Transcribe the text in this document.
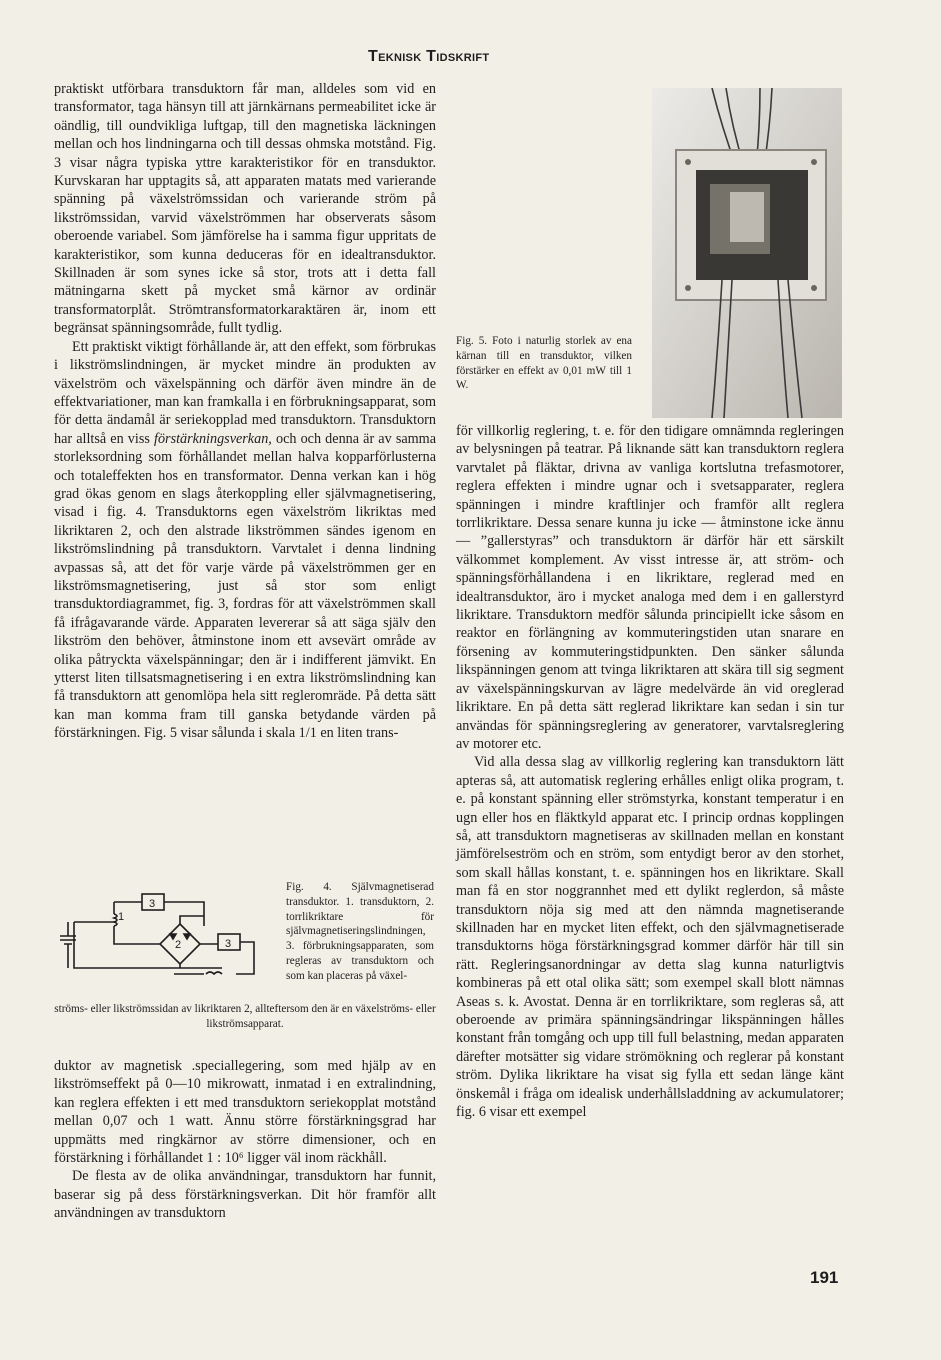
Teknisk Tidskrift

praktiskt utförbara transduktorn får man, alldeles som vid en transformator, taga hänsyn till att järnkärnans permeabilitet icke är oändlig, till oundvikliga luftgap, till den magnetiska läckningen mellan och hos lindningarna och till dessas ohmska motstånd. Fig. 3 visar några typiska yttre karakteristikor för en transduktor. Kurvskaran har upptagits så, att apparaten matats med varierande spänning på växelströmssidan och varierande ström på likströmssidan, varvid växelströmmen har observerats såsom oberoende variabel. Som jämförelse ha i samma figur uppritats de karakteristikor, som kunna deduceras för en idealtransduktor. Skillnaden är som synes icke så stor, trots att i detta fall mätningarna skett på mycket små kärnor av ordinär transformatorplåt. Strömtransformatorkaraktären är, inom ett begränsat spänningsområde, fullt tydlig.

Ett praktiskt viktigt förhållande är, att den effekt, som förbrukas i likströmslindningen, är mycket mindre än produkten av växelström och växelspänning och därför även mindre än de effektvariationer, man kan framkalla i en förbrukningsapparat, som för detta ändamål är seriekopplad med transduktorn. Transduktorn har alltså en viss förstärkningsverkan, och och denna är av samma storleksordning som förhållandet mellan halva kopparförlusterna och totaleffekten hos en transformator. Denna verkan kan i hög grad ökas genom en slags återkoppling eller självmagnetisering, visad i fig. 4. Transduktorns egen växelström likriktas med likriktaren 2, och den alstrade likströmmen sändes igenom en likströmslindning på transduktorn. Varvtalet i denna lindning avpassas så, att det för varje värde på växelströmmen ger en likströmsmagnetisering, just så stor som enligt transduktordiagrammet, fig. 3, fordras för att växelströmmen skall få ifrågavarande värde. Apparaten levererar så att säga själv den likström den behöver, åtminstone inom ett avsevärt område av olika påtryckta växelspänningar; den är i indifferent jämvikt. En ytterst liten tillsatsmagnetisering i en extra likströmslindning kan få transduktorn att genomlöpa hela sitt regleromräde. På detta sätt kan man komma fram till ganska betydande värden på förstärkningen. Fig. 5 visar sålunda i skala 1/1 en liten trans-

1
2
3
3
Fig. 4. Självmagnetiserad transduktor. 1. transduktorn, 2. torrlikriktare för självmagnetiseringslindningen, 3. förbrukningsapparaten, som regleras av transduktorn och som kan placeras på växel-
ströms- eller likströmssidan av likriktaren 2, allteftersom den är en växelströms- eller likströmsapparat.

duktor av magnetisk .speciallegering, som med hjälp av en likströmseffekt på 0—10 mikrowatt, inmatad i en extralindning, kan reglera effekten i ett med transduktorn seriekopplat motstånd mellan 0,07 och 1 watt. Ännu större förstärkningsgrad har uppmätts med ringkärnor av större dimensioner, och en förstärkning i förhållandet 1 : 10⁶ ligger väl inom räckhåll.

De flesta av de olika användningar, transduktorn har funnit, baserar sig på dess förstärkningsverkan. Dit hör framför allt användningen av transduktorn

Fig. 5. Foto i naturlig storlek av ena kärnan till en transduktor, vilken förstärker en effekt av 0,01 mW till 1 W.

för villkorlig reglering, t. e. för den tidigare omnämnda regleringen av belysningen på teatrar. På liknande sätt kan transduktorn reglera varvtalet på fläktar, drivna av vanliga kortslutna trefasmotorer, reglera effekten i mindre ugnar och i svetsapparater, reglera spänningen i mindre kraftlinjer och framför allt reglera torrlikriktare. Dessa senare kunna ju icke — åtminstone icke ännu — ”gallerstyras” och transduktorn är därför här ett särskilt välkommet komplement. Av visst intresse är, att ström- och spänningsförhållandena i en likriktare, reglerad med en idealtransduktor, äro i mycket analoga med dem i en gallerstyrd likriktare. Transduktorn medför sålunda principiellt icke såsom en reaktor en förlängning av kommuteringstiden utan snarare en försening av kommuteringstidpunkten. Den sänker sålunda likspänningen genom att tvinga likriktaren att skära till sig segment av växelspänningskurvan av lägre medelvärde än vid oreglerad likriktare. En på detta sätt reglerad likriktare kan sedan i sin tur användas för spänningsreglering av generatorer, varvtalsreglering av motorer etc.

Vid alla dessa slag av villkorlig reglering kan transduktorn lätt apteras så, att automatisk reglering erhålles enligt olika program, t. e. på konstant spänning eller strömstyrka, konstant temperatur i en ugn eller hos en fläktkyld apparat etc. I princip ordnas kopplingen så, att transduktorn magnetiseras av skillnaden mellan en konstant jämförelseström och en ström, som entydigt beror av den storhet, som skall hållas konstant, t. e. spänningen hos en likriktare. Skall man få en stor noggrannhet med ett dylikt reglerdon, så måste transduktorn nöja sig med att den nämnda magnetiserande skillnaden har en mycket liten effekt, och den självmagnetiserade transduktorns höga förstärkningsgrad kommer därför här till sin rätt. Regleringsanordningar av detta slag kunna naturligtvis kombineras på ett otal olika sätt; som exempel skall blott nämnas Aseas s. k. Avostat. Denna är en torrlikriktare, som regleras så, att oberoende av primära spänningsändringar likspänningen hålles konstant från tomgång och upp till full belastning, medan apparaten därefter motsätter sig vidare strömökning och reglerar på konstant ström. Dylika likriktare ha visat sig fylla ett sedan länge känt önskemål i fråga om idealisk underhållsladdning av ackumulatorer; fig. 6 visar ett exempel

191
